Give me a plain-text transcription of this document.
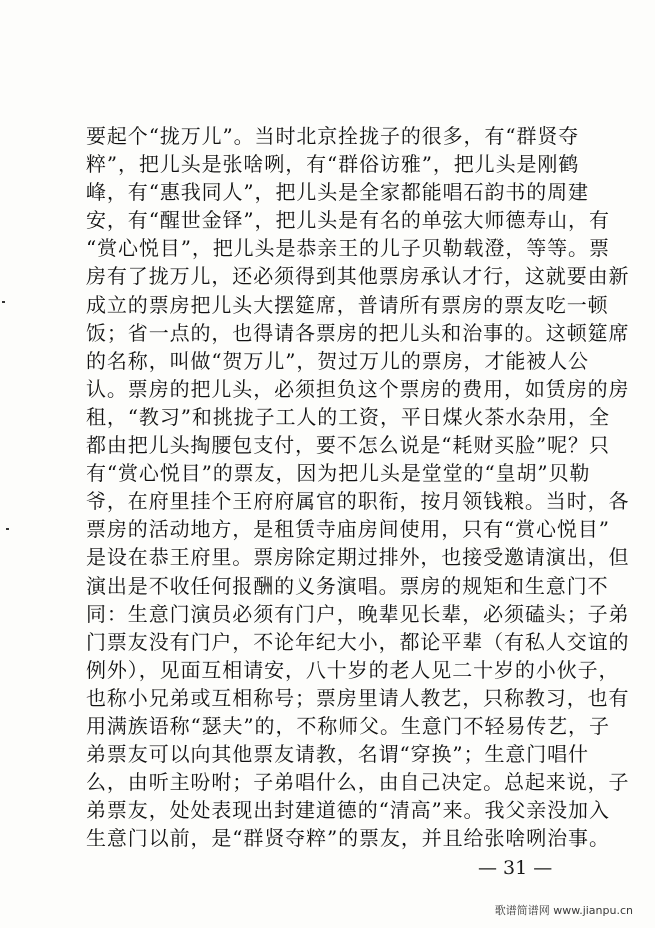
要起个“拢万儿”。当时北京拴拢子的很多，有“群贤夺
粹”，把儿头是张啥咧，有“群俗访雅”，把儿头是刚鹤
峰，有“惠我同人”，把儿头是全家都能唱石韵书的周建
安，有“醒世金铎”，把儿头是有名的单弦大师德寿山，有
“赏心悦目”，把儿头是恭亲王的儿子贝勒载澄，等等。票
房有了拢万儿，还必须得到其他票房承认才行，这就要由新
成立的票房把儿头大摆筵席，普请所有票房的票友吃一顿
饭；省一点的，也得请各票房的把儿头和治事的。这顿筵席
的名称，叫做“贺万儿”，贺过万儿的票房，才能被人公
认。票房的把儿头，必须担负这个票房的费用，如赁房的房
租，“教习”和挑拢子工人的工资，平日煤火茶水杂用，全
都由把儿头掏腰包支付，要不怎么说是“耗财买脸”呢？只
有“赏心悦目”的票友，因为把儿头是堂堂的“皇胡”贝勒
爷，在府里挂个王府府属官的职衔，按月领钱粮。当时，各
票房的活动地方，是租赁寺庙房间使用，只有“赏心悦目”
是设在恭王府里。票房除定期过排外，也接受邀请演出，但
演出是不收任何报酬的义务演唱。票房的规矩和生意门不
同：生意门演员必须有门户，晚辈见长辈，必须磕头；子弟
门票友没有门户，不论年纪大小，都论平辈（有私人交谊的
例外），见面互相请安，八十岁的老人见二十岁的小伙子，
也称小兄弟或互相称号；票房里请人教艺，只称教习，也有
用满族语称“瑟夫”的，不称师父。生意门不轻易传艺，子
弟票友可以向其他票友请教，名谓“穿换”；生意门唱什
么，由听主吩咐；子弟唱什么，由自己决定。总起来说，子
弟票友，处处表现出封建道德的“清高”来。我父亲没加入
生意门以前，是“群贤夺粹”的票友，并且给张啥咧治事。
— 31 —
歌谱简谱网 www.jianpu.cn
